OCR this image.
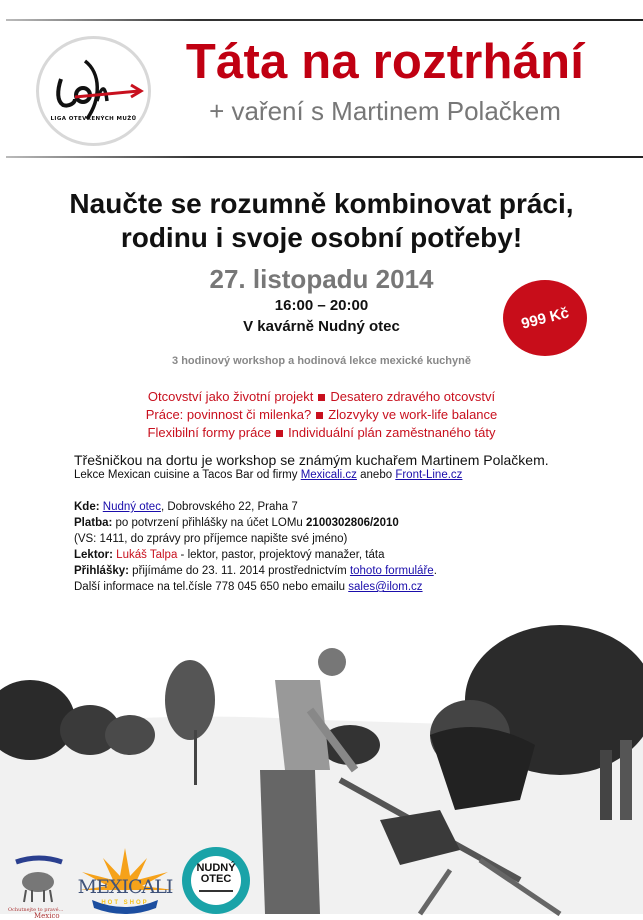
LIGA OTEVŘENÝCH MUŽŮ
Táta na roztrhání
+ vaření s Martinem Polačkem
Naučte se rozumně kombinovat práci,
rodinu i svoje osobní potřeby!
27. listopadu 2014
16:00 – 20:00
V kavárně Nudný otec	999 Kč
3 hodinový workshop a hodinová lekce mexické kuchyně
Otcovství jako životní projekt Desatero zdravého otcovství
Práce: povinnost či milenka? Zlozvyky ve work-life balance
Flexibilní formy práce Individuální plán zaměstnaného táty
Třešničkou na dortu je workshop se známým kuchařem Martinem Polačkem.
Lekce Mexican cuisine a Tacos Bar od firmy Mexicali.cz anebo Front-Line.cz
Kde: Nudný otec, Dobrovského 22, Praha 7
Platba: po potvrzení přihlášky na účet LOMu 2100302806/2010
(VS: 1411, do zprávy pro příjemce napište své jméno)
Lektor: Lukáš Talpa - lektor, pastor, projektový manažer, táta
Přihlášky: přijímáme do 23. 11. 2014 prostřednictvím tohoto formuláře.
Další informace na tel.čísle 778 045 650 nebo emailu sales@ilom.cz
Ochutnejte to pravé...
Mexico
MEXICALI
HOT SHOP
NUDNÝ
OTEC
